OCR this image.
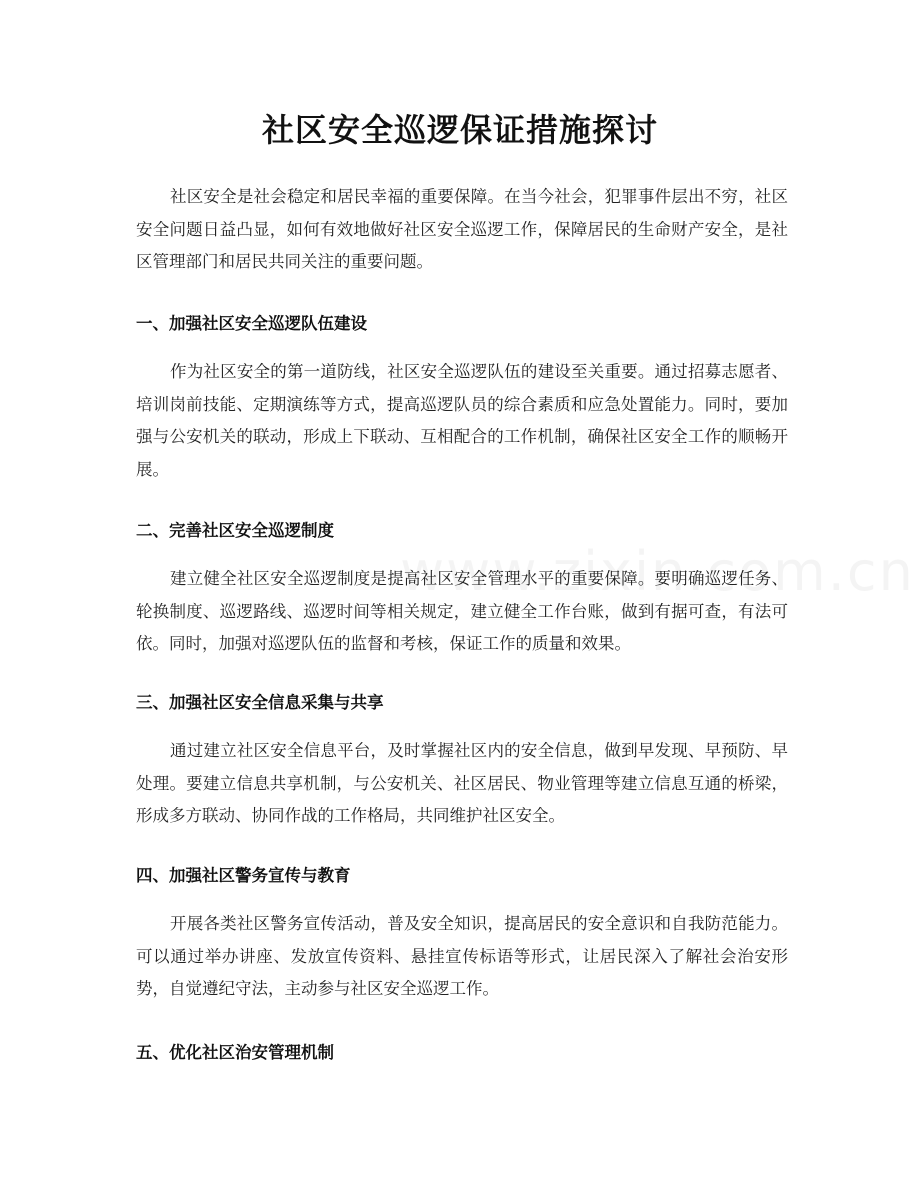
社区安全巡逻保证措施探讨
社区安全是社会稳定和居民幸福的重要保障。在当今社会，犯罪事件层出不穷，社区安全问题日益凸显，如何有效地做好社区安全巡逻工作，保障居民的生命财产安全，是社区管理部门和居民共同关注的重要问题。
一、加强社区安全巡逻队伍建设
作为社区安全的第一道防线，社区安全巡逻队伍的建设至关重要。通过招募志愿者、培训岗前技能、定期演练等方式，提高巡逻队员的综合素质和应急处置能力。同时，要加强与公安机关的联动，形成上下联动、互相配合的工作机制，确保社区安全工作的顺畅开展。
二、完善社区安全巡逻制度
建立健全社区安全巡逻制度是提高社区安全管理水平的重要保障。要明确巡逻任务、轮换制度、巡逻路线、巡逻时间等相关规定，建立健全工作台账，做到有据可查，有法可依。同时，加强对巡逻队伍的监督和考核，保证工作的质量和效果。
三、加强社区安全信息采集与共享
通过建立社区安全信息平台，及时掌握社区内的安全信息，做到早发现、早预防、早处理。要建立信息共享机制，与公安机关、社区居民、物业管理等建立信息互通的桥梁，形成多方联动、协同作战的工作格局，共同维护社区安全。
四、加强社区警务宣传与教育
开展各类社区警务宣传活动，普及安全知识，提高居民的安全意识和自我防范能力。可以通过举办讲座、发放宣传资料、悬挂宣传标语等形式，让居民深入了解社会治安形势，自觉遵纪守法，主动参与社区安全巡逻工作。
五、优化社区治安管理机制
